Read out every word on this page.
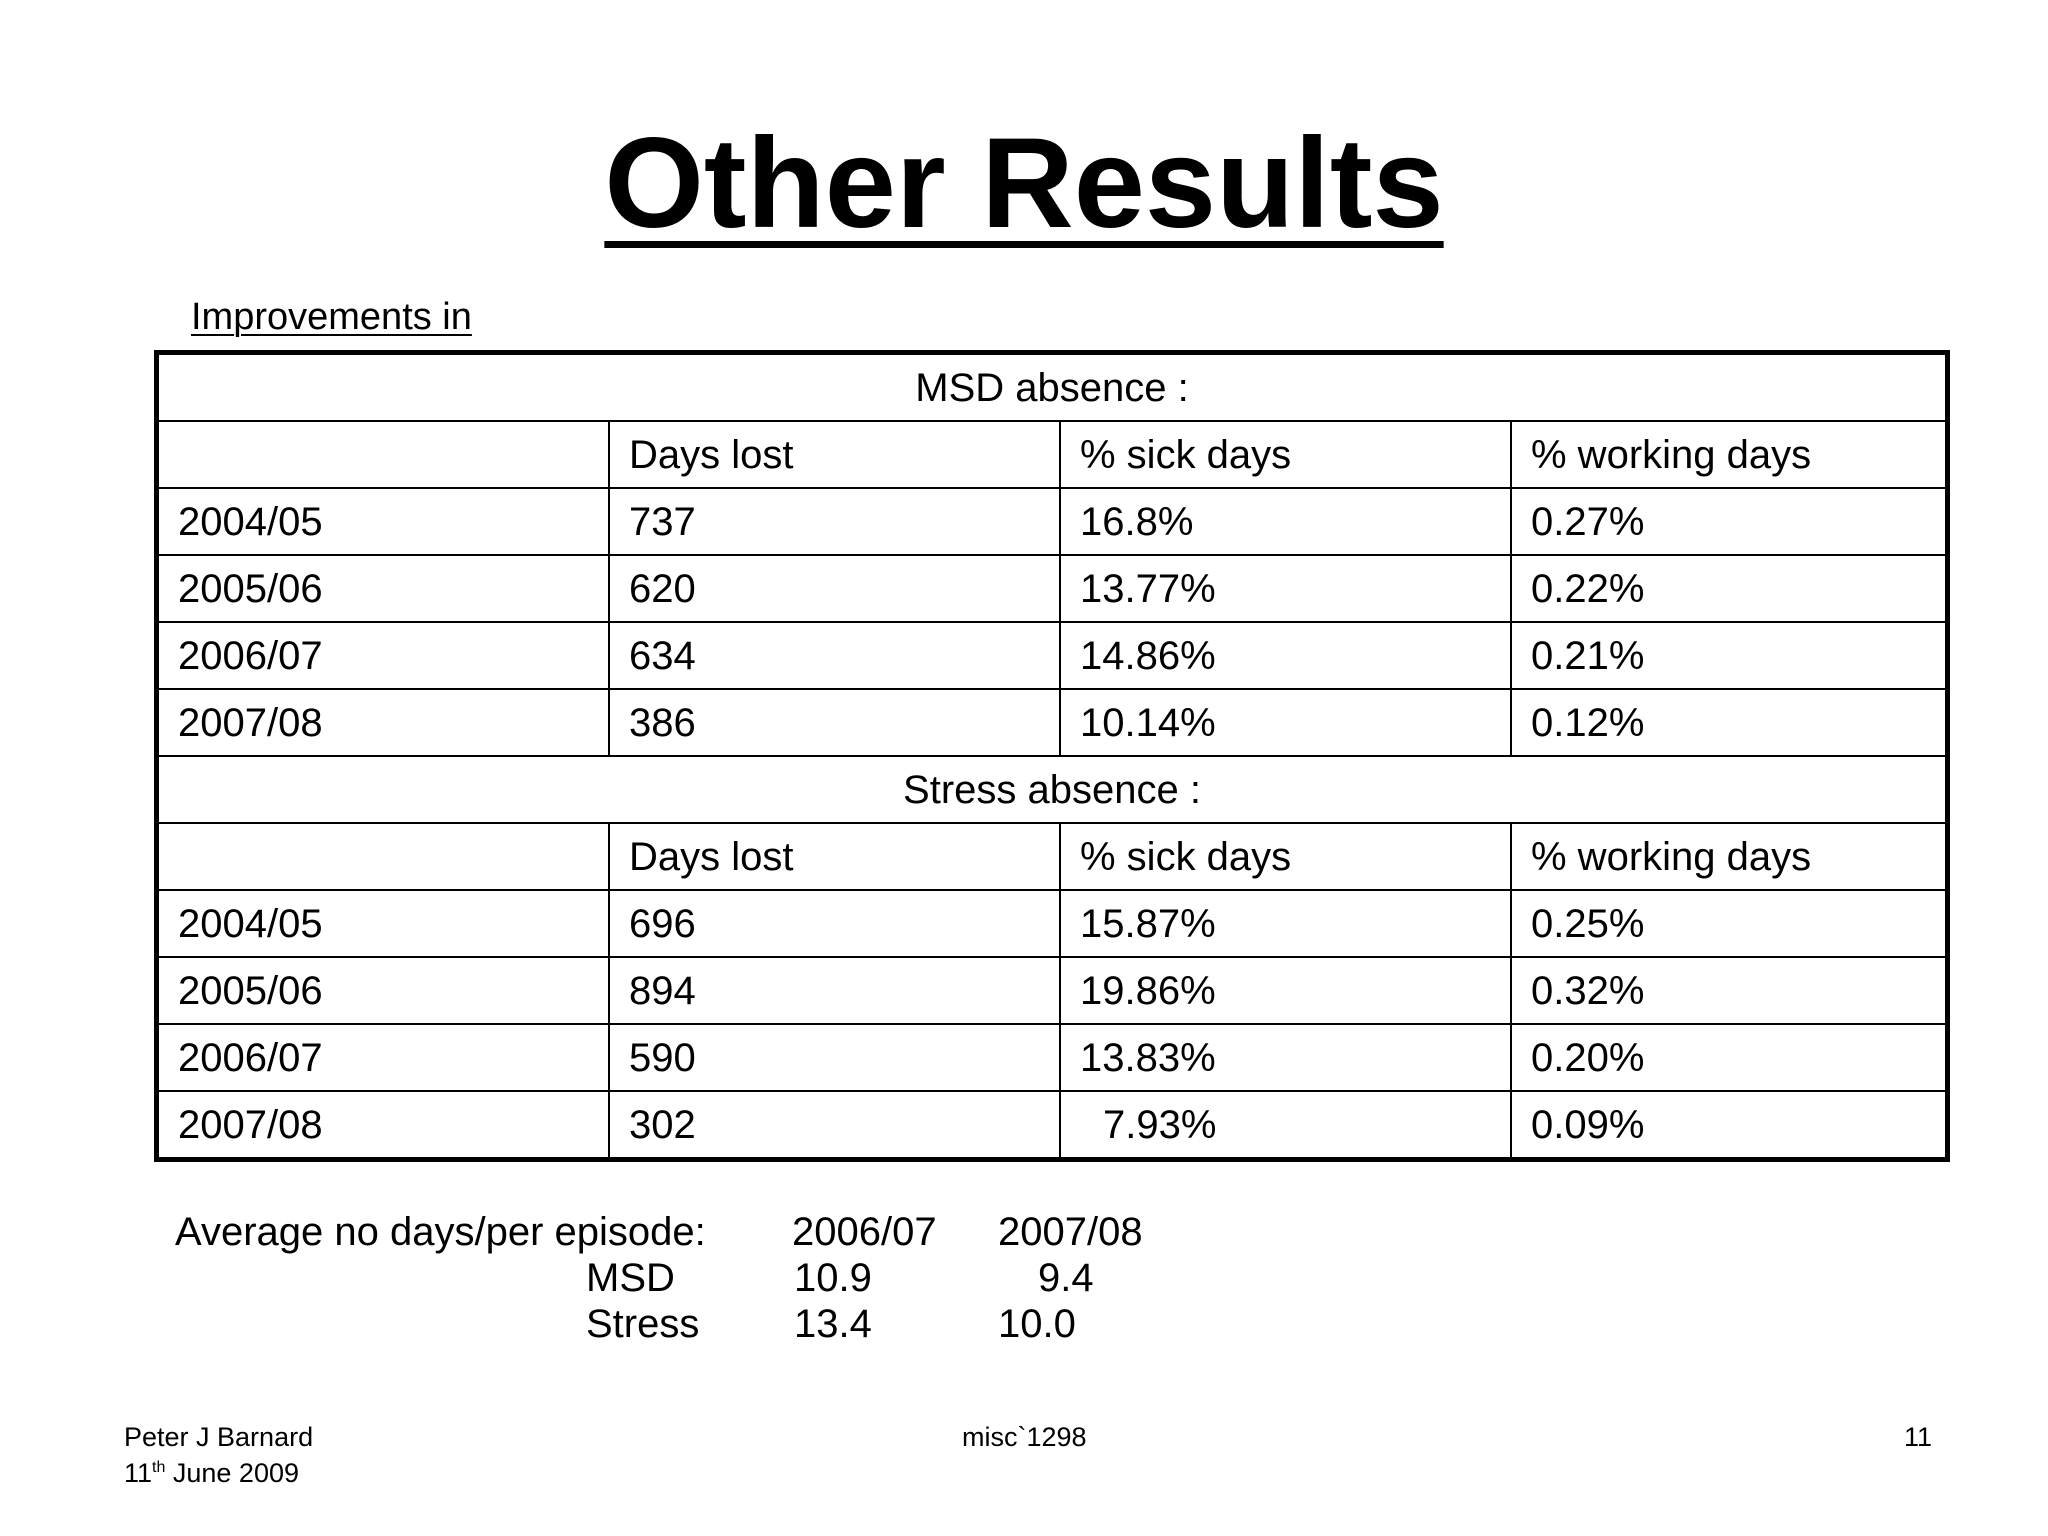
Other Results
Improvements in
MSD absence :			
	Days lost	% sick days	% working days
2004/05	737	16.8%	0.27%
2005/06	620	13.77%	0.22%
2006/07	634	14.86%	0.21%
2007/08	386	10.14%	0.12%
Stress absence :			
	Days lost	% sick days	% working days
2004/05	696	15.87%	0.25%
2005/06	894	19.86%	0.32%
2006/07	590	13.83%	0.20%
2007/08	302	7.93%	0.09%
Average no days/per episode: 2006/07 2007/08
MSD	10.9	9.4
Stress 13.4	10.0
Peter J Barnard
11th June 2009
misc`1298	11
